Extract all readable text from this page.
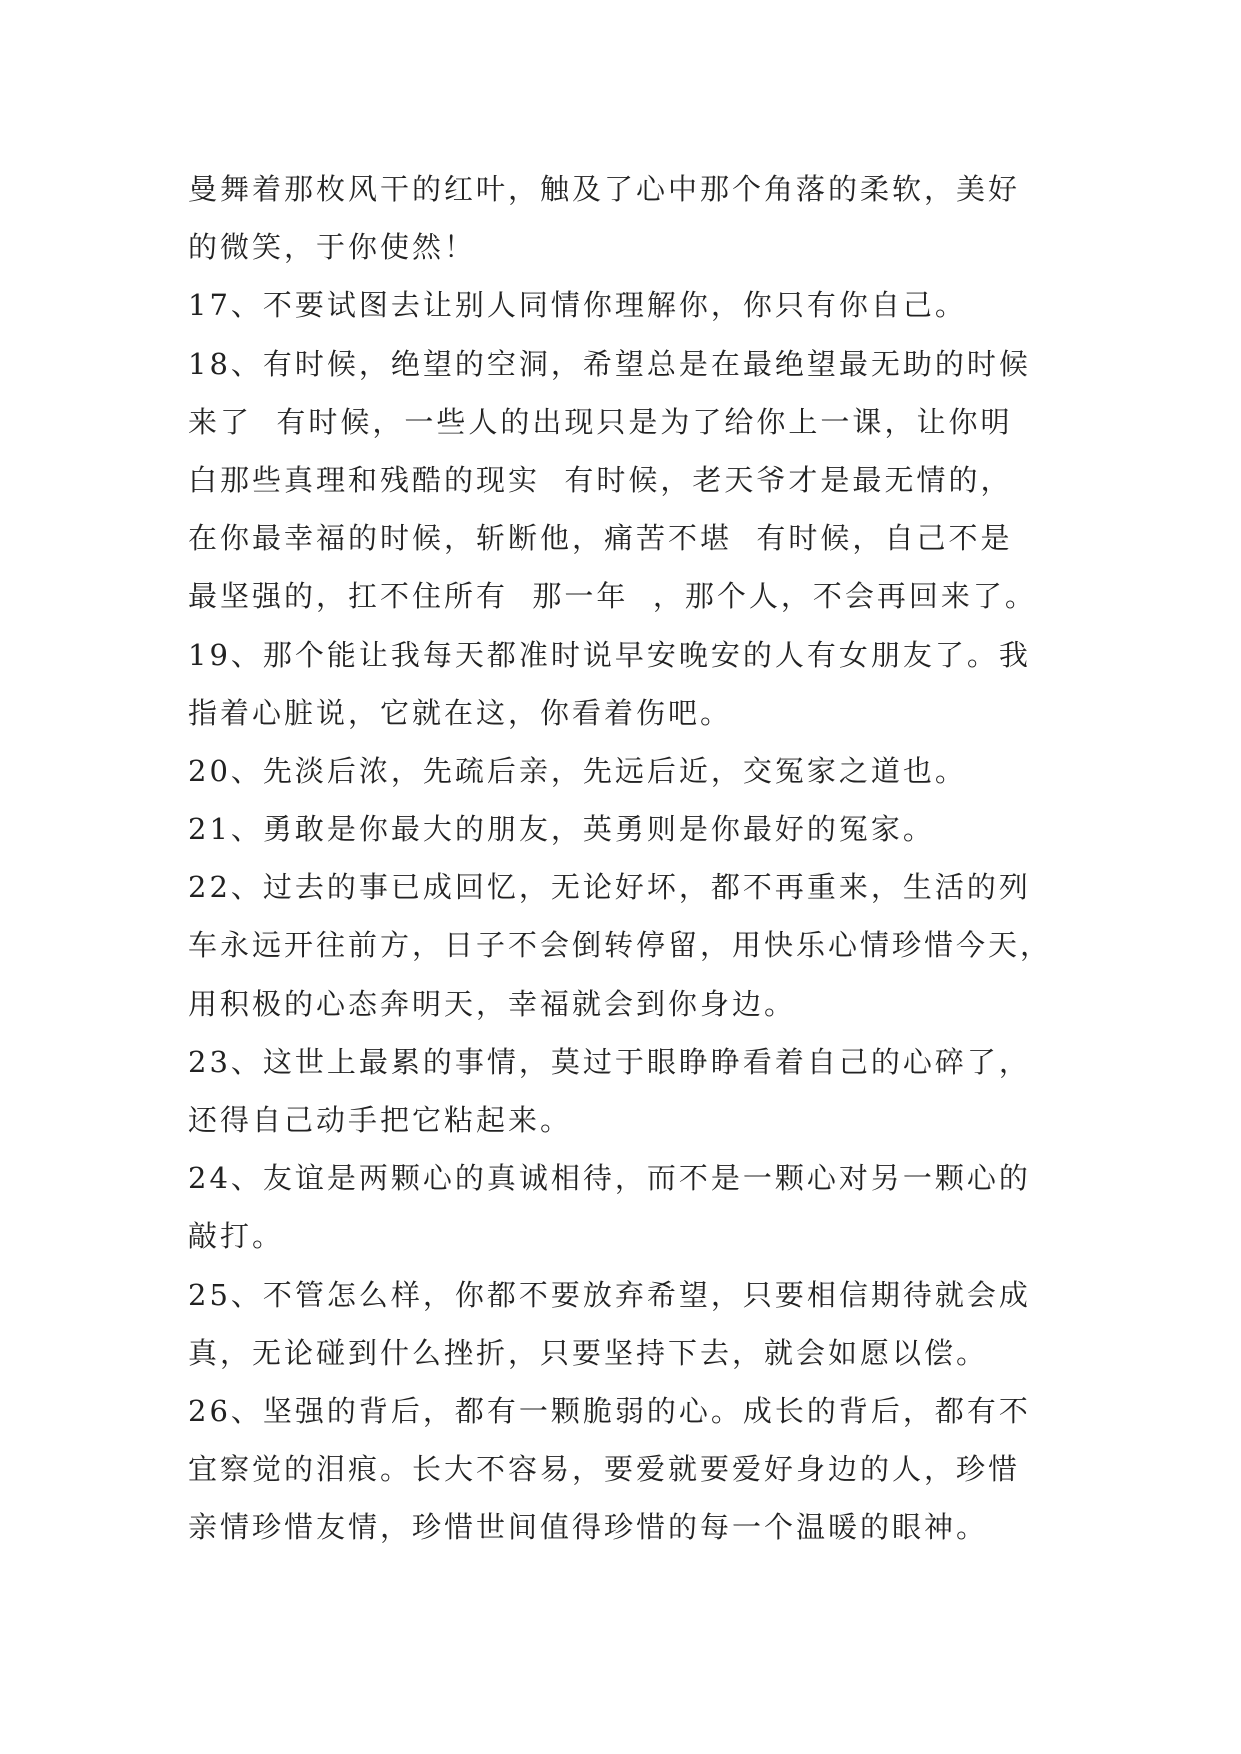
曼舞着那枚风干的红叶，触及了心中那个角落的柔软，美好
的微笑，于你使然！
17、不要试图去让别人同情你理解你，你只有你自己。
18、有时候，绝望的空洞，希望总是在最绝望最无助的时候
来了  有时候，一些人的出现只是为了给你上一课，让你明
白那些真理和残酷的现实  有时候，老天爷才是最无情的，
在你最幸福的时候，斩断他，痛苦不堪  有时候，自己不是
最坚强的，扛不住所有  那一年  ，那个人，不会再回来了。
19、那个能让我每天都准时说早安晚安的人有女朋友了。我
指着心脏说，它就在这，你看着伤吧。
20、先淡后浓，先疏后亲，先远后近，交冤家之道也。
21、勇敢是你最大的朋友，英勇则是你最好的冤家。
22、过去的事已成回忆，无论好坏，都不再重来，生活的列
车永远开往前方，日子不会倒转停留，用快乐心情珍惜今天，
用积极的心态奔明天，幸福就会到你身边。
23、这世上最累的事情，莫过于眼睁睁看着自己的心碎了，
还得自己动手把它粘起来。
24、友谊是两颗心的真诚相待，而不是一颗心对另一颗心的
敲打。
25、不管怎么样，你都不要放弃希望，只要相信期待就会成
真，无论碰到什么挫折，只要坚持下去，就会如愿以偿。
26、坚强的背后，都有一颗脆弱的心。成长的背后，都有不
宜察觉的泪痕。长大不容易，要爱就要爱好身边的人，珍惜
亲情珍惜友情，珍惜世间值得珍惜的每一个温暖的眼神。
